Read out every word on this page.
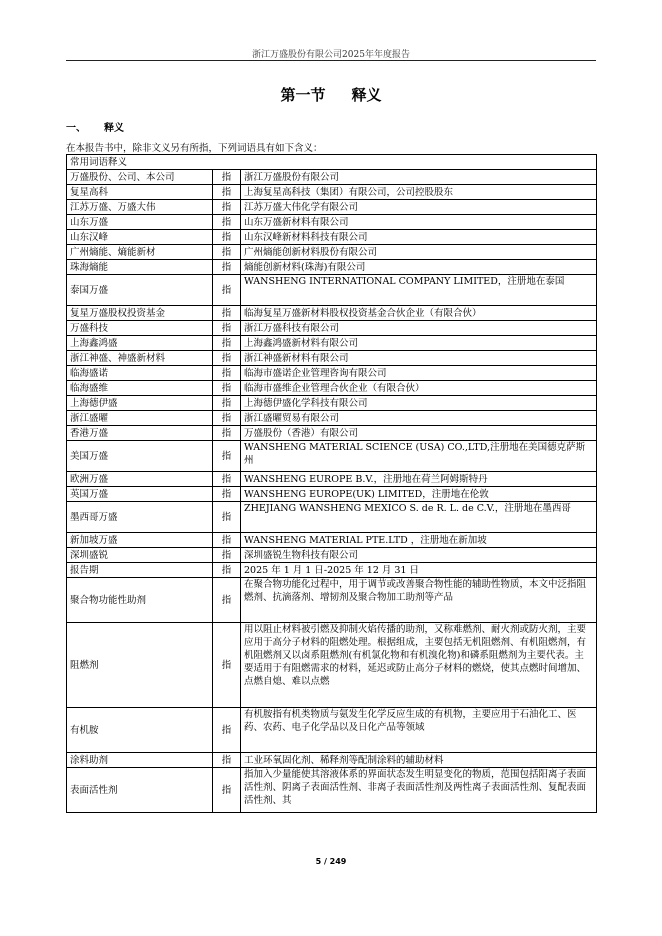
浙江万盛股份有限公司2025年年度报告
第一节 释义
一、 释义
在本报告书中，除非文义另有所指，下列词语具有如下含义：
常用词语释义		
万盛股份、公司、本公司	指	浙江万盛股份有限公司
复星高科	指	上海复星高科技（集团）有限公司，公司控股股东
江苏万盛、万盛大伟	指	江苏万盛大伟化学有限公司
山东万盛	指	山东万盛新材料有限公司
山东汉峰	指	山东汉峰新材料科技有限公司
广州熵能、熵能新材	指	广州熵能创新材料股份有限公司
珠海熵能	指	熵能创新材料(珠海)有限公司
泰国万盛	指	WANSHENG INTERNATIONAL COMPANY LIMITED，注册地在泰国
复星万盛股权投资基金	指	临海复星万盛新材料股权投资基金合伙企业（有限合伙）
万盛科技	指	浙江万盛科技有限公司
上海鑫鸿盛	指	上海鑫鸿盛新材料有限公司
浙江神盛、神盛新材料	指	浙江神盛新材料有限公司
临海盛诺	指	临海市盛诺企业管理咨询有限公司
临海盛维	指	临海市盛维企业管理合伙企业（有限合伙）
上海德伊盛	指	上海德伊盛化学科技有限公司
浙江盛曜	指	浙江盛曜贸易有限公司
香港万盛	指	万盛股份（香港）有限公司
美国万盛	指	WANSHENG MATERIAL SCIENCE (USA) CO.,LTD,注册地在美国德克萨斯州
欧洲万盛	指	WANSHENG EUROPE B.V.，注册地在荷兰阿姆斯特丹
英国万盛	指	WANSHENG EUROPE(UK) LIMITED，注册地在伦敦
墨西哥万盛	指	ZHEJIANG WANSHENG MEXICO S. de R. L. de C.V.，注册地在墨西哥
新加坡万盛	指	WANSHENG MATERIAL PTE.LTD ，注册地在新加坡
深圳盛锐	指	深圳盛锐生物科技有限公司
报告期	指	2025 年 1 月 1 日-2025 年 12 月 31 日
聚合物功能性助剂	指	在聚合物功能化过程中，用于调节或改善聚合物性能的辅助性物质，本文中泛指阻燃剂、抗滴落剂、增韧剂及聚合物加工助剂等产品
阻燃剂	指	用以阻止材料被引燃及抑制火焰传播的助剂，又称难燃剂、耐火剂或防火剂，主要应用于高分子材料的阻燃处理。根据组成，主要包括无机阻燃剂、有机阻燃剂，有机阻燃剂又以卤系阻燃剂(有机氯化物和有机溴化物)和磷系阻燃剂为主要代表。主要适用于有阻燃需求的材料，延迟或防止高分子材料的燃烧，使其点燃时间增加、点燃自熄、难以点燃
有机胺	指	有机胺指有机类物质与氨发生化学反应生成的有机物，主要应用于石油化工、医药、农药、电子化学品以及日化产品等领域
涂料助剂	指	工业环氧固化剂、稀释剂等配制涂料的辅助材料
表面活性剂	指	指加入少量能使其溶液体系的界面状态发生明显变化的物质，范围包括阳离子表面活性剂、阴离子表面活性剂、非离子表面活性剂及两性离子表面活性剂、复配表面活性剂、其
5 / 249
